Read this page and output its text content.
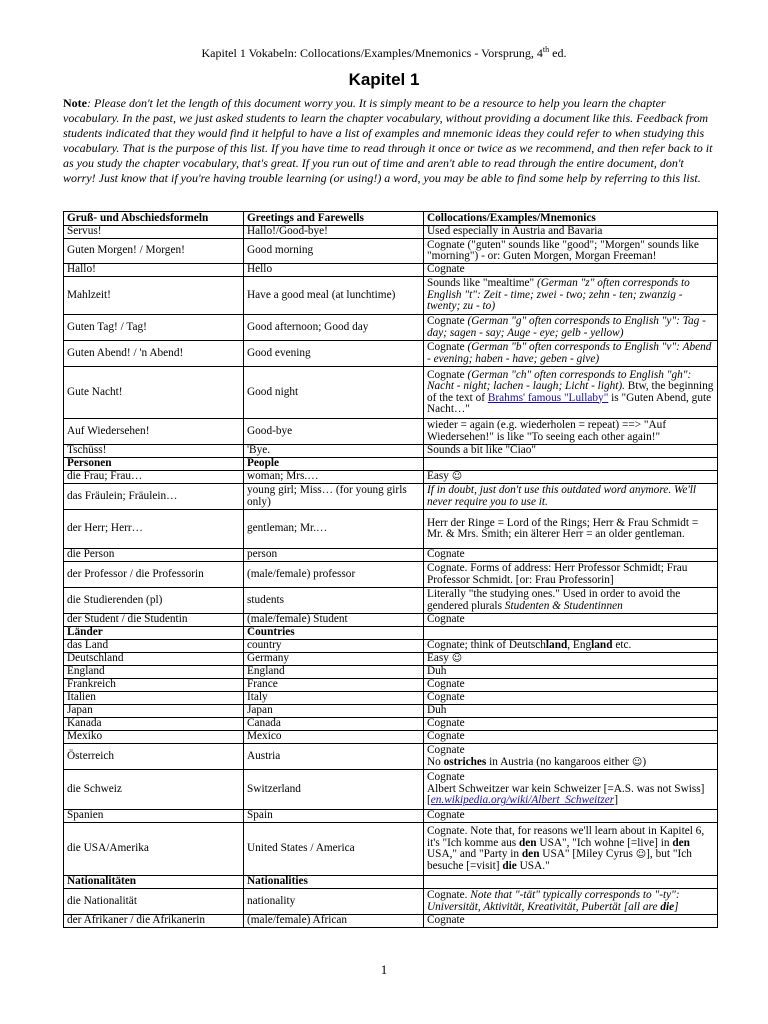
Kapitel 1 Vokabeln: Collocations/Examples/Mnemonics - Vorsprung, 4th ed.
Kapitel 1
Note: Please don't let the length of this document worry you. It is simply meant to be a resource to help you learn the chapter vocabulary. In the past, we just asked students to learn the chapter vocabulary, without providing a document like this. Feedback from students indicated that they would find it helpful to have a list of examples and mnemonic ideas they could refer to when studying this vocabulary. That is the purpose of this list. If you have time to read through it once or twice as we recommend, and then refer back to it as you study the chapter vocabulary, that's great. If you run out of time and aren't able to read through the entire document, don't worry! Just know that if you're having trouble learning (or using!) a word, you may be able to find some help by referring to this list.
Gruß- und Abschiedsformeln	Greetings and Farewells	Collocations/Examples/Mnemonics
Servus!	Hallo!/Good-bye!	Used especially in Austria and Bavaria
Guten Morgen! / Morgen!	Good morning	Cognate ("guten" sounds like "good"; "Morgen" sounds like "morning") - or: Guten Morgen, Morgan Freeman!
Hallo!	Hello	Cognate
Mahlzeit!	Have a good meal (at lunchtime)	Sounds like "mealtime" (German "z" often corresponds to English "t": Zeit - time; zwei - two; zehn - ten; zwanzig - twenty; zu - to)
Guten Tag! / Tag!	Good afternoon; Good day	Cognate (German "g" often corresponds to English "y": Tag - day; sagen - say; Auge - eye; gelb - yellow)
Guten Abend! / 'n Abend!	Good evening	Cognate (German "b" often corresponds to English "v": Abend - evening; haben - have; geben - give)
Gute Nacht!	Good night	Cognate (German "ch" often corresponds to English "gh": Nacht - night; lachen - laugh; Licht - light). Btw, the beginning of the text of Brahms' famous "Lullaby" is "Guten Abend, gute Nacht…"
Auf Wiedersehen!	Good-bye	wieder = again (e.g. wiederholen = repeat) ==> "Auf Wiedersehen!" is like "To seeing each other again!"
Tschüss!	'Bye.	Sounds a bit like "Ciao"
Personen	People	
die Frau; Frau…	woman; Mrs.…	Easy ☺
das Fräulein; Fräulein…	young girl; Miss… (for young girls only)	If in doubt, just don't use this outdated word anymore. We'll never require you to use it.
der Herr; Herr…	gentleman; Mr.…	Herr der Ringe = Lord of the Rings; Herr & Frau Schmidt = Mr. & Mrs. Smith; ein älterer Herr = an older gentleman.
die Person	person	Cognate
der Professor / die Professorin	(male/female) professor	Cognate. Forms of address: Herr Professor Schmidt; Frau Professor Schmidt. [or: Frau Professorin]
die Studierenden (pl)	students	Literally "the studying ones." Used in order to avoid the gendered plurals Studenten & Studentinnen
der Student / die Studentin	(male/female) Student	Cognate
Länder	Countries	
das Land	country	Cognate; think of Deutschland, England etc.
Deutschland	Germany	Easy ☺
England	England	Duh
Frankreich	France	Cognate
Italien	Italy	Cognate
Japan	Japan	Duh
Kanada	Canada	Cognate
Mexiko	Mexico	Cognate
Österreich	Austria	Cognate
No ostriches in Austria (no kangaroos either ☺)
die Schweiz	Switzerland	Cognate
Albert Schweitzer war kein Schweizer [=A.S. was not Swiss] [en.wikipedia.org/wiki/Albert_Schweitzer]
Spanien	Spain	Cognate
die USA/Amerika	United States / America	Cognate. Note that, for reasons we'll learn about in Kapitel 6, it's "Ich komme aus den USA", "Ich wohne [=live] in den USA," and "Party in den USA" [Miley Cyrus ☺], but "Ich besuche [=visit] die USA."
Nationalitäten	Nationalities	
die Nationalität	nationality	Cognate. Note that "-tät" typically corresponds to "-ty": Universität, Aktivität, Kreativität, Pubertät [all are die]
der Afrikaner / die Afrikanerin	(male/female) African	Cognate
1
